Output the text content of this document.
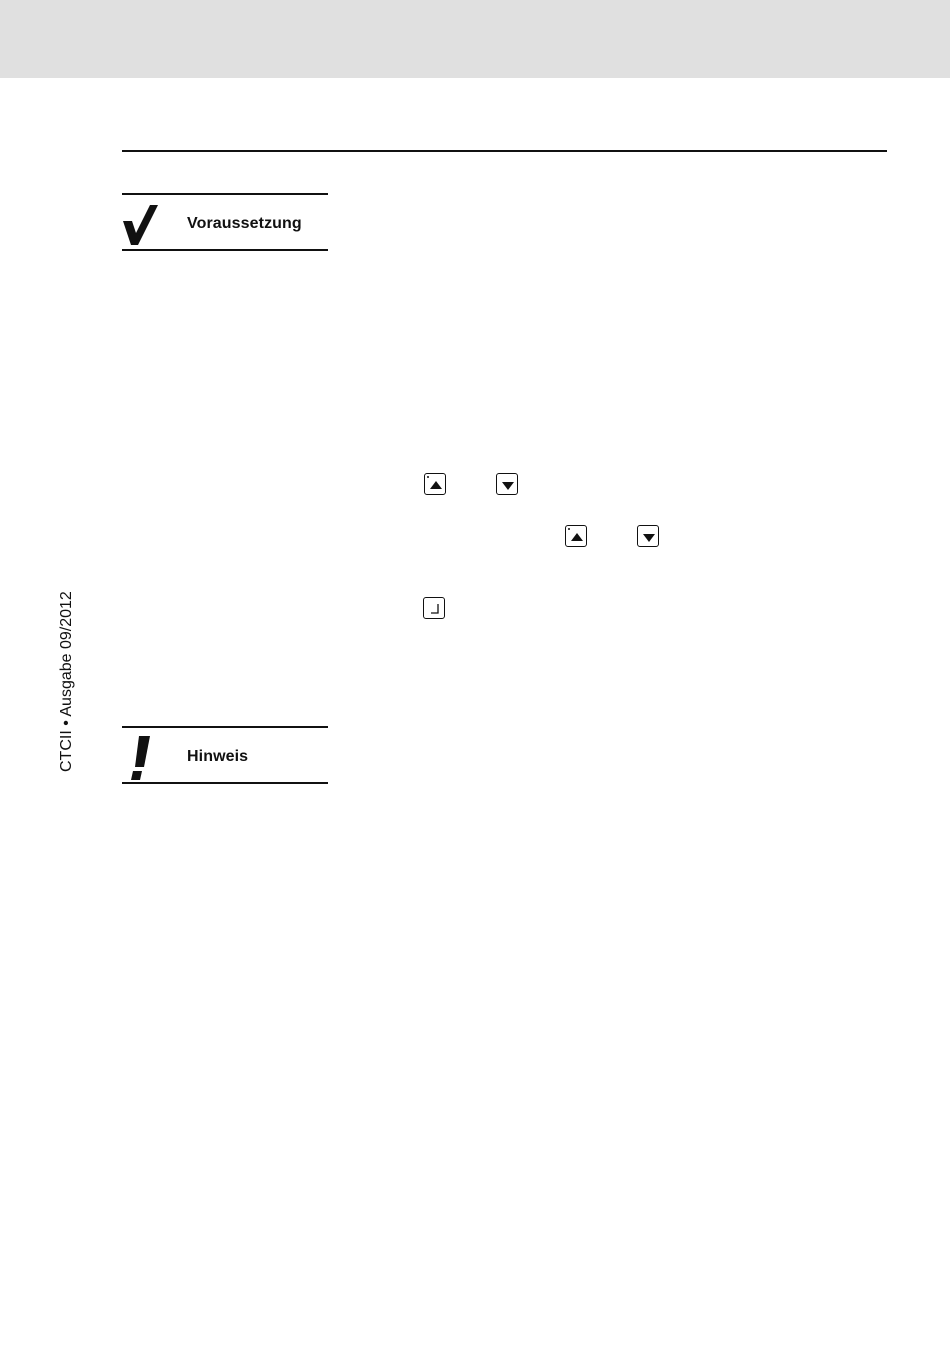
Voraussetzung
Hinweis
CTCII • Ausgabe 09/2012
